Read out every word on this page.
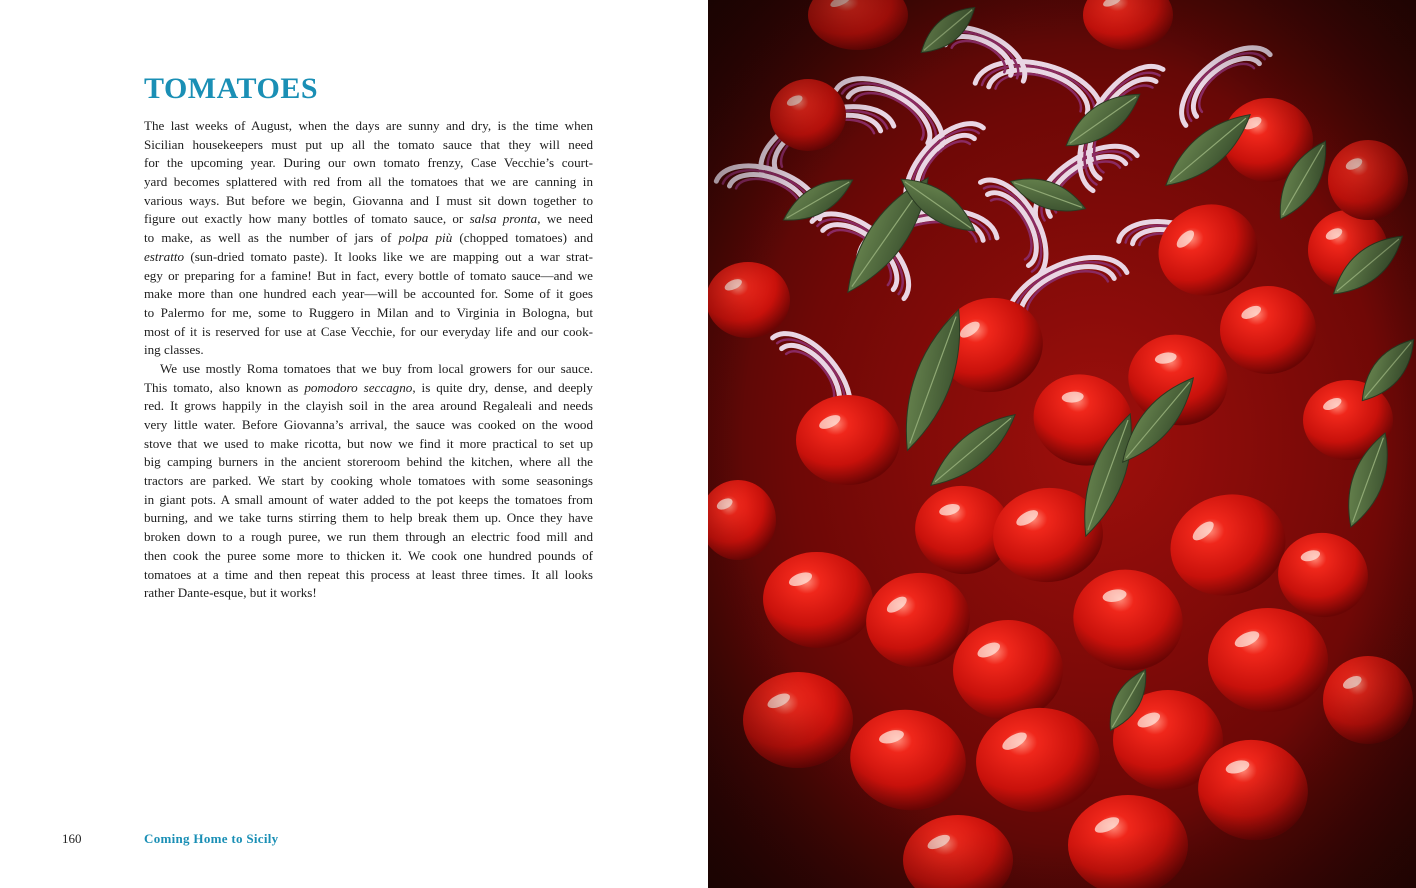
TOMATOES
The last weeks of August, when the days are sunny and dry, is the time when
Sicilian housekeepers must put up all the tomato sauce that they will need
for the upcoming year. During our own tomato frenzy, Case Vecchie’s court-
yard becomes splattered with red from all the tomatoes that we are canning in
various ways. But before we begin, Giovanna and I must sit down together to
figure out exactly how many bottles of tomato sauce, or salsa pronta, we need
to make, as well as the number of jars of polpa più (chopped tomatoes) and
estratto (sun-dried tomato paste). It looks like we are mapping out a war strat-
egy or preparing for a famine! But in fact, every bottle of tomato sauce—and we
make more than one hundred each year—will be accounted for. Some of it goes
to Palermo for me, some to Ruggero in Milan and to Virginia in Bologna, but
most of it is reserved for use at Case Vecchie, for our everyday life and our cook-
ing classes.
We use mostly Roma tomatoes that we buy from local growers for our sauce.
This tomato, also known as pomodoro seccagno, is quite dry, dense, and deeply
red. It grows happily in the clayish soil in the area around Regaleali and needs
very little water. Before Giovanna’s arrival, the sauce was cooked on the wood
stove that we used to make ricotta, but now we find it more practical to set up
big camping burners in the ancient storeroom behind the kitchen, where all the
tractors are parked. We start by cooking whole tomatoes with some seasonings
in giant pots. A small amount of water added to the pot keeps the tomatoes from
burning, and we take turns stirring them to help break them up. Once they have
broken down to a rough puree, we run them through an electric food mill and
then cook the puree some more to thicken it. We cook one hundred pounds of
tomatoes at a time and then repeat this process at least three times. It all looks
rather Dante-esque, but it works!
160	Coming Home to Sicily
